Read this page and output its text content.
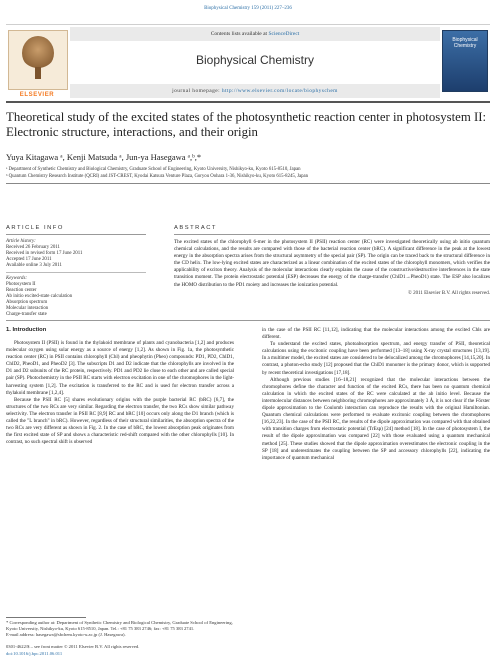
Biophysical Chemistry 159 (2011) 227–236
ELSEVIER
Contents lists available at ScienceDirect
Biophysical Chemistry
journal homepage: http://www.elsevier.com/locate/biophyschem
Biophysical Chemistry
Theoretical study of the excited states of the photosynthetic reaction center in photosystem II: Electronic structure, interactions, and their origin
Yuya Kitagawa ᵃ, Kenji Matsuda ᵃ, Jun-ya Hasegawa ᵃ,ᵇ,*
ᵃ Department of Synthetic Chemistry and Biological Chemistry, Graduate School of Engineering, Kyoto University, Nishikyo-ku, Kyoto 615-8510, Japan
ᵇ Quantum Chemistry Research Institute (QCRI) and JST-CREST, Kyodai Katsura Venture Plaza, Goryou Oohara 1-36, Nishikyo-ku, Kyoto 615-8245, Japan
ARTICLE INFO	ABSTRACT
Article history:
Received 26 February 2011
Received in revised form 17 June 2011
Accepted 17 June 2011
Available online 3 July 2011
Keywords:
Photosystem II
Reaction center
Ab initio excited-state calculation
Absorption spectrum
Molecular interaction
Charge-transfer state
The excited states of the chlorophyll 6-mer in the photosystem II (PSII) reaction center (RC) were investigated theoretically using ab initio quantum chemical calculations, and the results are compared with those of the bacterial reaction center (bRC). A significant difference in the peak at the lowest energy in the absorption spectra arises from the structural asymmetry of the special pair (SP). The origin can be traced back to the structural difference in the CD helix. The low-lying excited states are characterized as a linear combination of the excited states of the chlorophyll monomers, which verifies the applicability of exciton theory. Analysis of the molecular interactions clearly explains the cause of the constructive/destructive interferences in the state transition moment. The protein electrostatic potential (ESP) decreases the energy of the charge-transfer (ChlD1→PheoD1) state. The ESP also localizes the HOMO distribution to the PD1 moiety and increases the ionization potential.
© 2011 Elsevier B.V. All rights reserved.
1. Introduction

Photosystem II (PSII) is found in the thylakoid membrane of plants and cyanobacteria [1,2] and produces molecular oxygen using solar energy as a source of energy [1,2]. As shown in Fig. 1a, the photosynthetic reaction center (RC) in PSII contains chlorophyll (Chl) and pheophytin (Pheo) compounds: PD1, PD2, ChlD1, ChlD2, PheoD1, and PheoD2 [3]. The subscripts D1 and D2 indicate that the chlorophylls are involved in the D1 and D2 subunits of the RC protein, respectively. PD1 and PD2 lie close to each other and are called special pair (SP). Photochemistry in the PSII RC starts with electron excitation in one of the chromophores in the light-harvesting system [1,2]. The excitation is transferred to the RC and is used for electron transfer across a thylakoid membrane [1,2,4].

Because the PSII RC [5] shares evolutionary origins with the purple bacterial RC (bRC) [6,7], the structures of the two RCs are very similar. Regarding the electron transfer, the two RCs show similar pathway selectivity. The electron transfer in PSII RC [8,9] RC and bRC [10] occurs only along the D1 branch (which is called the "L branch" in bRC). However, regardless of their structural similarities, the absorption spectra of the two RCs are very different as shown in Fig. 2. In the case of bRC, the lowest absorption peak originates from the first excited state of SP and shows a characteristic red-shift compared with the other chlorophylls [10]. In contrast, no such spectral shift is observed

in the case of the PSII RC [11,12], indicating that the molecular interactions among the excited Chls are different.

To understand the excited states, photoabsorption spectrum, and energy transfer of PSII, theoretical calculations using the excitonic coupling have been performed [13–18] using X-ray crystal structures [13,19]. In a multimer model, the excited states are considered to be delocalized among the chromophores [14,15,20]. In contrast, a photon-echo study [12] proposed that the ChlD1 monomer is the primary donor, which is supported by recent theoretical investigations [17,18].

Although previous studies [16–18,21] recognized that the molecular interactions between the chromophores define the character and function of the excited RCs, there has been no quantum chemical calculation in which the excited states of the RC were calculated at the ab initio level. Because the intermolecular distances between neighboring chromophores are approximately 3 Å, it is not clear if the Förster dipole approximation to the Coulomb interaction can reproduce the results with the original Hamiltonian. Quantum chemical calculations were performed to evaluate excitonic coupling between the chromophores [16,22,23]. In the case of the PSII RC, the results of the dipole approximation was compared with that obtained with transition charges from electrostatic potential (TrEsp) [24] method [18]. In the case of photosystem I, the result of the dipole approximation was compared [22] with those evaluated using a quantum mechanical method [25]. These studies showed that the dipole approximation overestimates the electronic coupling in the SP [18] and underestimates the coupling between the SP and accessory chlorophylls [22], indicating the importance of quantum mechanical

* Corresponding author at: Department of Synthetic Chemistry and Biological Chemistry, Graduate School of Engineering, Kyoto University, Nishikyo-ku, Kyoto 615-8510, Japan. Tel.: +81 75 383 2746; fax: +81 75 383 2741.
E-mail address: hasegawa@sbchem.kyoto-u.ac.jp (J. Hasegawa).
0301-4622/$ – see front matter © 2011 Elsevier B.V. All rights reserved.
doi:10.1016/j.bpc.2011.06.011
